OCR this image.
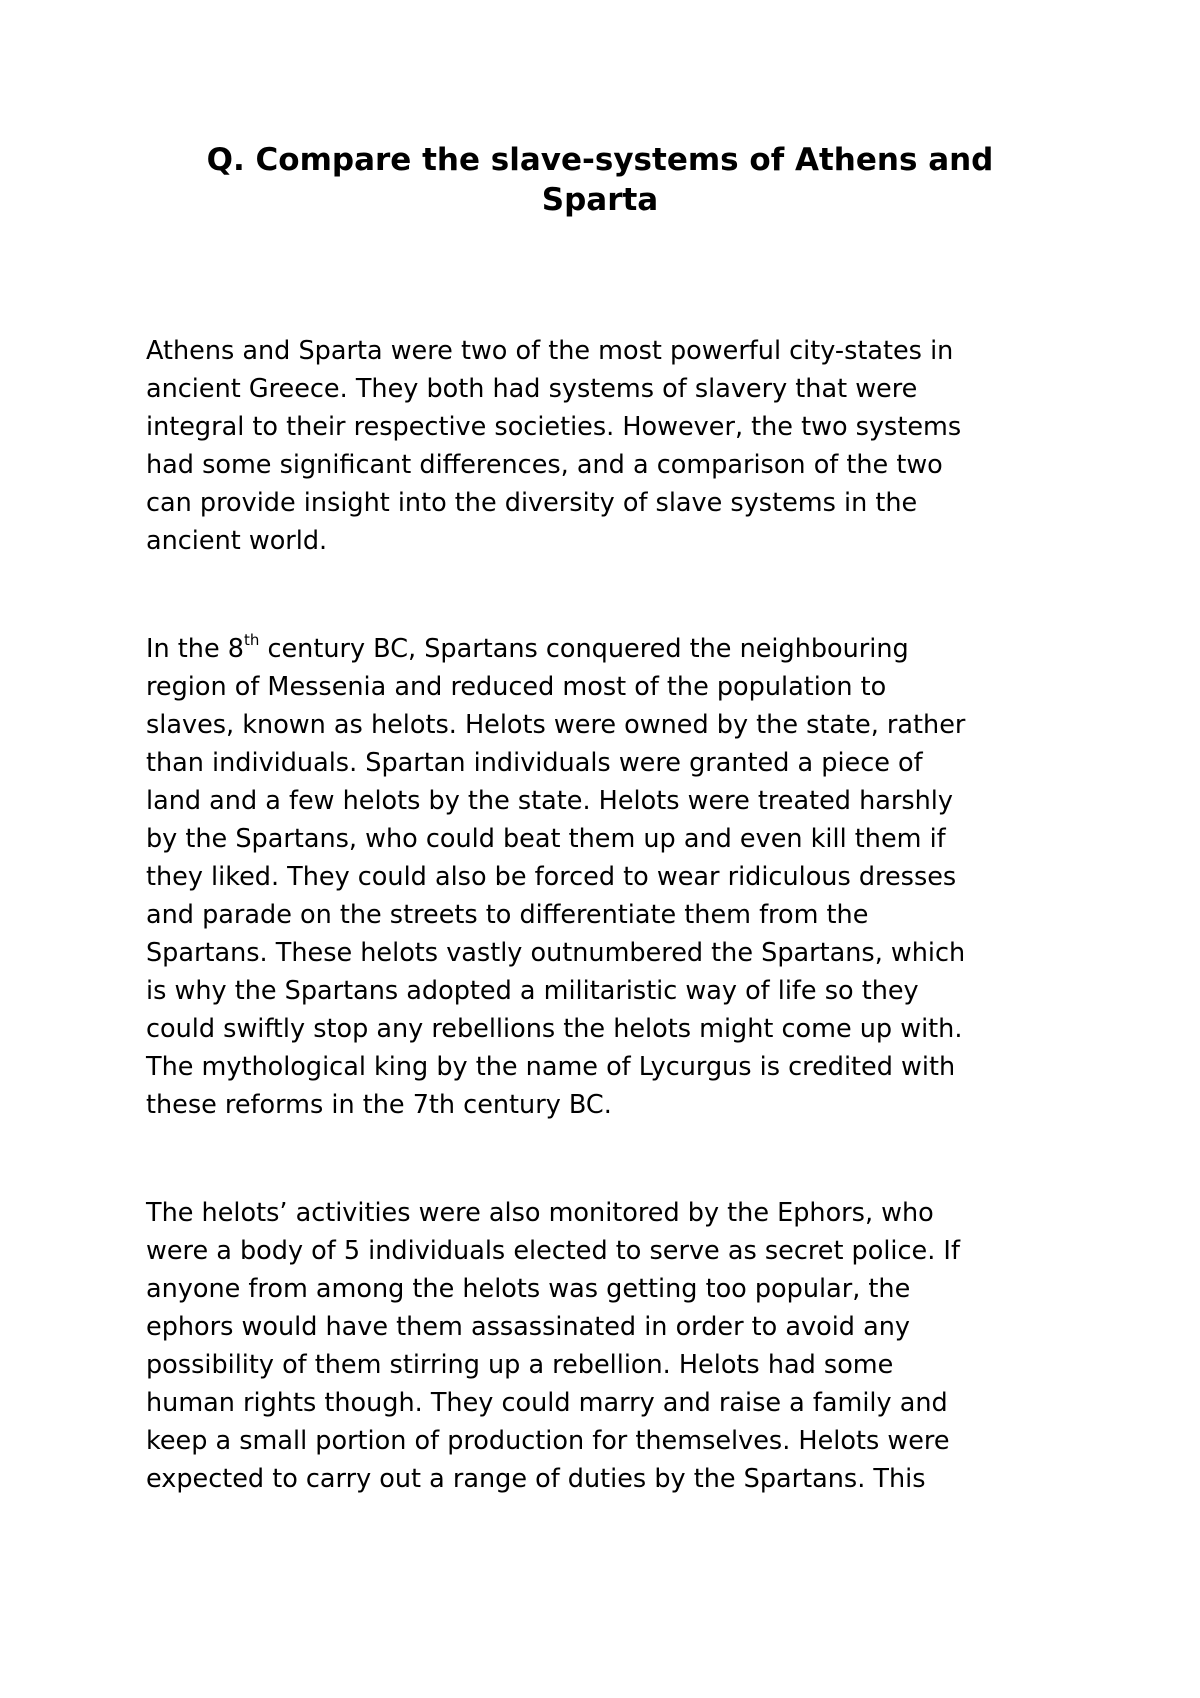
Q. Compare the slave-systems of Athens and
Sparta

Athens and Sparta were two of the most powerful city-states in
ancient Greece. They both had systems of slavery that were
integral to their respective societies. However, the two systems
had some significant differences, and a comparison of the two
can provide insight into the diversity of slave systems in the
ancient world.

In the 8th century BC, Spartans conquered the neighbouring
region of Messenia and reduced most of the population to
slaves, known as helots. Helots were owned by the state, rather
than individuals. Spartan individuals were granted a piece of
land and a few helots by the state. Helots were treated harshly
by the Spartans, who could beat them up and even kill them if
they liked. They could also be forced to wear ridiculous dresses
and parade on the streets to differentiate them from the
Spartans. These helots vastly outnumbered the Spartans, which
is why the Spartans adopted a militaristic way of life so they
could swiftly stop any rebellions the helots might come up with.
The mythological king by the name of Lycurgus is credited with
these reforms in the 7th century BC.

The helots’ activities were also monitored by the Ephors, who
were a body of 5 individuals elected to serve as secret police. If
anyone from among the helots was getting too popular, the
ephors would have them assassinated in order to avoid any
possibility of them stirring up a rebellion. Helots had some
human rights though. They could marry and raise a family and
keep a small portion of production for themselves. Helots were
expected to carry out a range of duties by the Spartans. This
